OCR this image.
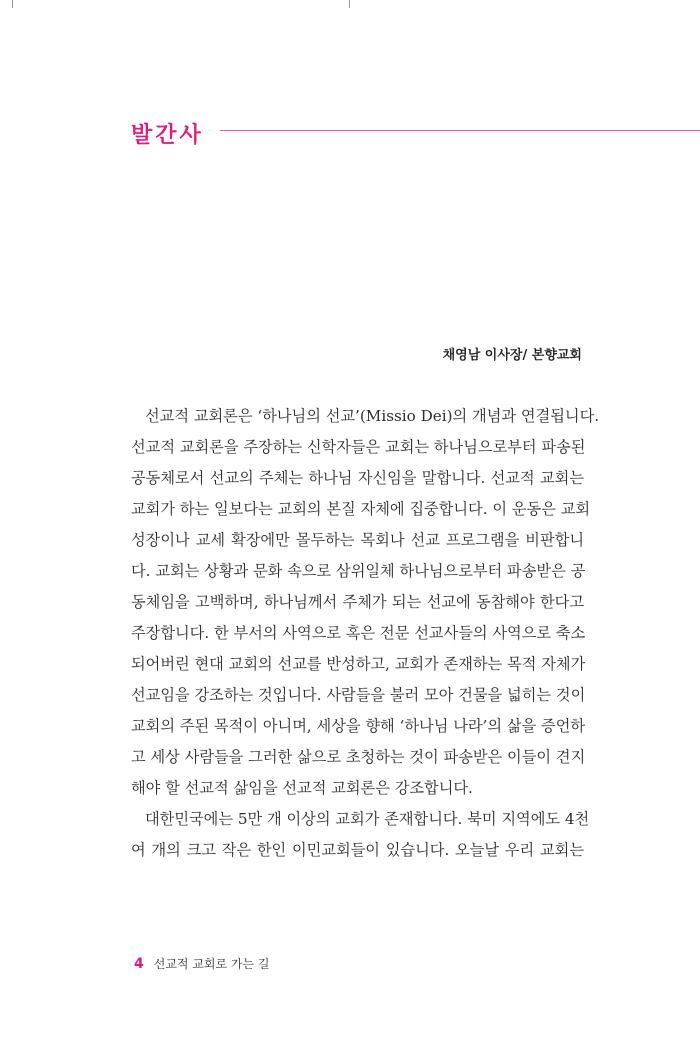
발간사
채영남 이사장/ 본향교회
선교적 교회론은 ‘하나님의 선교’(Missio Dei)의 개념과 연결됩니다.
선교적 교회론을 주장하는 신학자들은 교회는 하나님으로부터 파송된
공동체로서 선교의 주체는 하나님 자신임을 말합니다. 선교적 교회는
교회가 하는 일보다는 교회의 본질 자체에 집중합니다. 이 운동은 교회
성장이나 교세 확장에만 몰두하는 목회나 선교 프로그램을 비판합니
다. 교회는 상황과 문화 속으로 삼위일체 하나님으로부터 파송받은 공
동체임을 고백하며, 하나님께서 주체가 되는 선교에 동참해야 한다고
주장합니다. 한 부서의 사역으로 혹은 전문 선교사들의 사역으로 축소
되어버린 현대 교회의 선교를 반성하고, 교회가 존재하는 목적 자체가
선교임을 강조하는 것입니다. 사람들을 불러 모아 건물을 넓히는 것이
교회의 주된 목적이 아니며, 세상을 향해 ‘하나님 나라’의 삶을 증언하
고 세상 사람들을 그러한 삶으로 초청하는 것이 파송받은 이들이 견지
해야 할 선교적 삶임을 선교적 교회론은 강조합니다.
대한민국에는 5만 개 이상의 교회가 존재합니다. 북미 지역에도 4천
여 개의 크고 작은 한인 이민교회들이 있습니다. 오늘날 우리 교회는
4 선교적 교회로 가는 길
